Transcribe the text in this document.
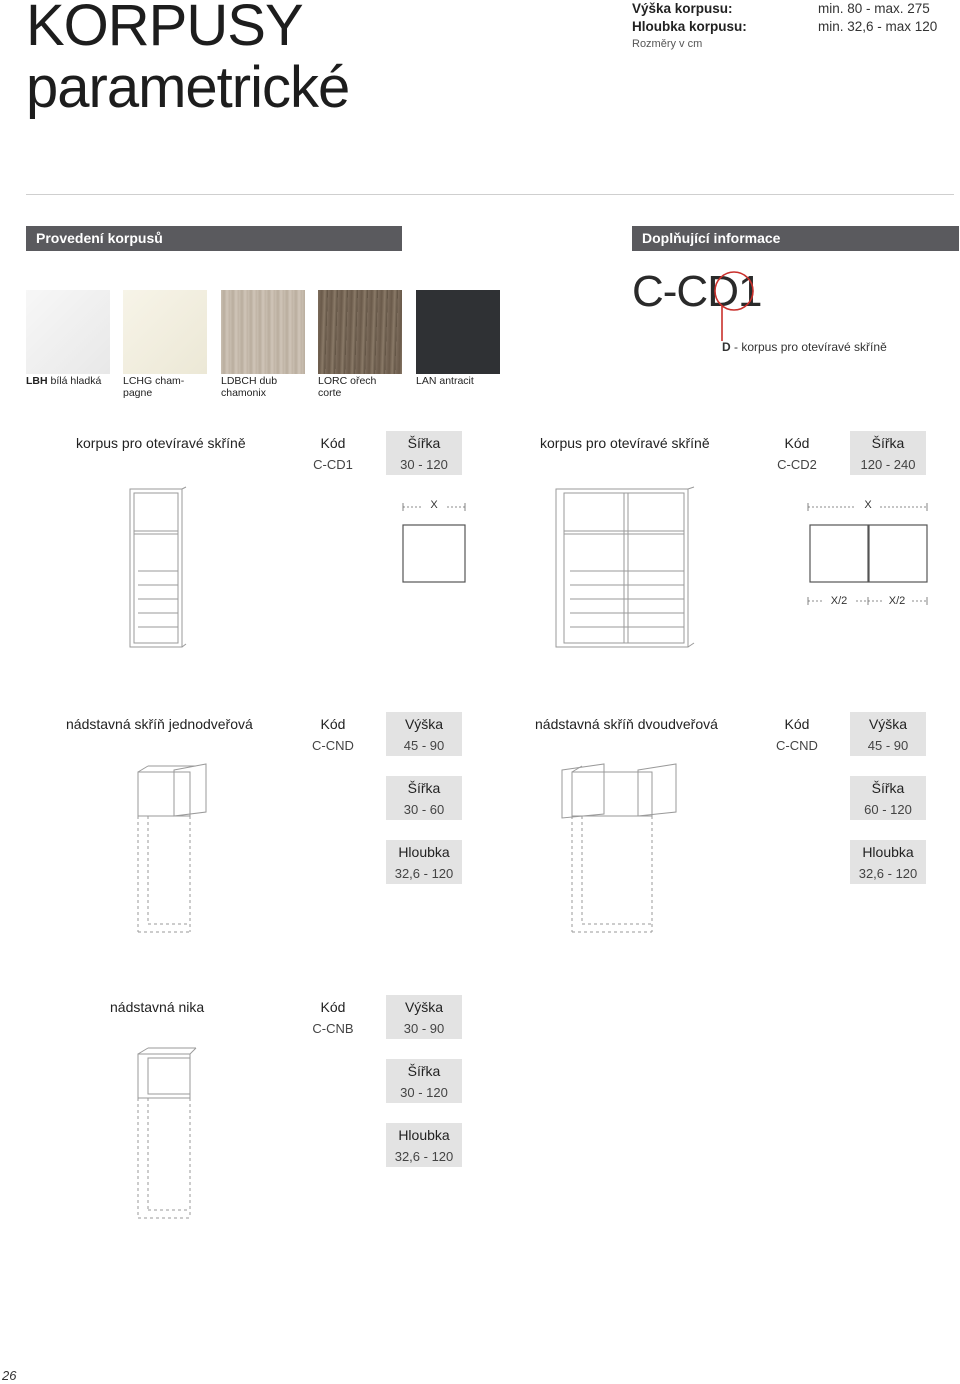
KORPUSY
parametrické
Výška korpusu:	min. 80 - max. 275
Hloubka korpusu:	min. 32,6 - max 120
Rozměry v cm
Provedení korpusů	Doplňující informace
LBH bílá hladká	LCHG cham-
pagne
LDBCH dub
chamonix
LORC ořech
corte
LAN antracit
C-CD1
D - korpus pro otevíravé skříně
korpus pro otevíravé skříně	Kód
C-CD1
Šířka
30 - 120
X
korpus pro otevíravé skříně	Kód
C-CD2
Šířka
120 - 240
X
X/2	X/2
nádstavná skříň jednodveřová	Kód
C-CND
Výška
45 - 90
Šířka
30 - 60
Hloubka
32,6 - 120
nádstavná skříň dvoudveřová	Kód
C-CND
Výška
45 - 90
Šířka
60 - 120
Hloubka
32,6 - 120
nádstavná nika	Kód
C-CNB
Výška
30 - 90
Šířka
30 - 120
Hloubka
32,6 - 120
26
